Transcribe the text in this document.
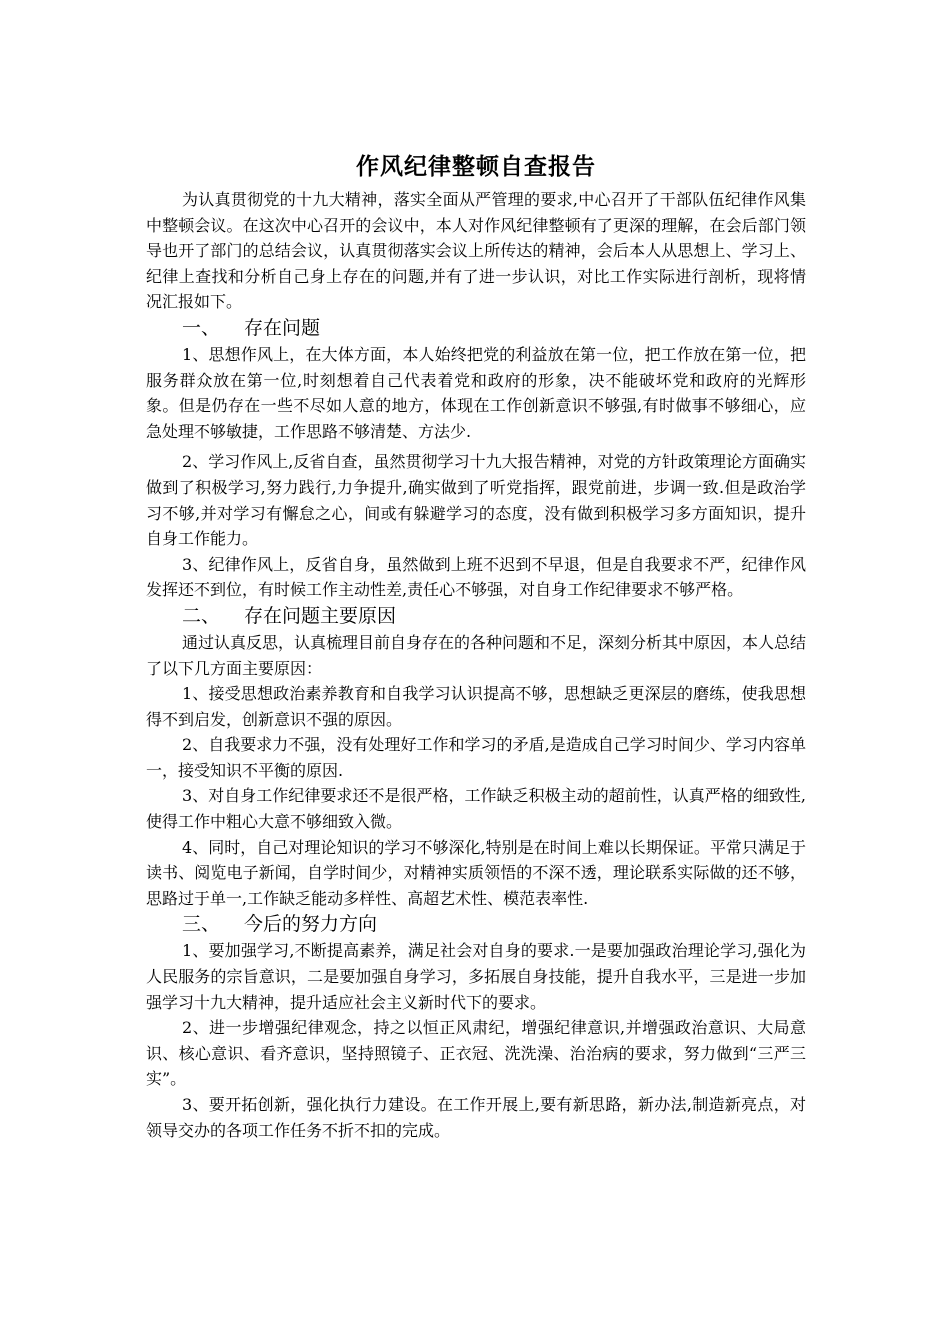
作风纪律整顿自查报告

为认真贯彻党的十九大精神，落实全面从严管理的要求,中心召开了干部队伍纪律作风集中整顿会议。在这次中心召开的会议中，本人对作风纪律整顿有了更深的理解，在会后部门领导也开了部门的总结会议，认真贯彻落实会议上所传达的精神，会后本人从思想上、学习上、纪律上查找和分析自己身上存在的问题,并有了进一步认识，对比工作实际进行剖析，现将情况汇报如下。

一、	存在问题

1、思想作风上，在大体方面，本人始终把党的利益放在第一位，把工作放在第一位，把服务群众放在第一位,时刻想着自己代表着党和政府的形象，决不能破坏党和政府的光辉形象。但是仍存在一些不尽如人意的地方，体现在工作创新意识不够强,有时做事不够细心，应急处理不够敏捷，工作思路不够清楚、方法少.

2、学习作风上,反省自查，虽然贯彻学习十九大报告精神，对党的方针政策理论方面确实做到了积极学习,努力践行,力争提升,确实做到了听党指挥，跟党前进，步调一致.但是政治学习不够,并对学习有懈怠之心，间或有躲避学习的态度，没有做到积极学习多方面知识，提升自身工作能力。

3、纪律作风上，反省自身，虽然做到上班不迟到不早退，但是自我要求不严，纪律作风发挥还不到位，有时候工作主动性差,责任心不够强，对自身工作纪律要求不够严格。

二、	存在问题主要原因

通过认真反思，认真梳理目前自身存在的各种问题和不足，深刻分析其中原因，本人总结了以下几方面主要原因：

1、接受思想政治素养教育和自我学习认识提高不够，思想缺乏更深层的磨练，使我思想得不到启发，创新意识不强的原因。

2、自我要求力不强，没有处理好工作和学习的矛盾,是造成自己学习时间少、学习内容单一，接受知识不平衡的原因.

3、对自身工作纪律要求还不是很严格，工作缺乏积极主动的超前性，认真严格的细致性,使得工作中粗心大意不够细致入微。

4、同时，自己对理论知识的学习不够深化,特别是在时间上难以长期保证。平常只满足于读书、阅览电子新闻，自学时间少，对精神实质领悟的不深不透，理论联系实际做的还不够，思路过于单一,工作缺乏能动多样性、高超艺术性、模范表率性.

三、	今后的努力方向

1、要加强学习,不断提高素养，满足社会对自身的要求.一是要加强政治理论学习,强化为人民服务的宗旨意识，二是要加强自身学习，多拓展自身技能，提升自我水平，三是进一步加强学习十九大精神，提升适应社会主义新时代下的要求。

2、进一步增强纪律观念，持之以恒正风肃纪，增强纪律意识,并增强政治意识、大局意识、核心意识、看齐意识，坚持照镜子、正衣冠、洗洗澡、治治病的要求，努力做到“三严三实”。

3、要开拓创新，强化执行力建设。在工作开展上,要有新思路，新办法,制造新亮点，对领导交办的各项工作任务不折不扣的完成。
